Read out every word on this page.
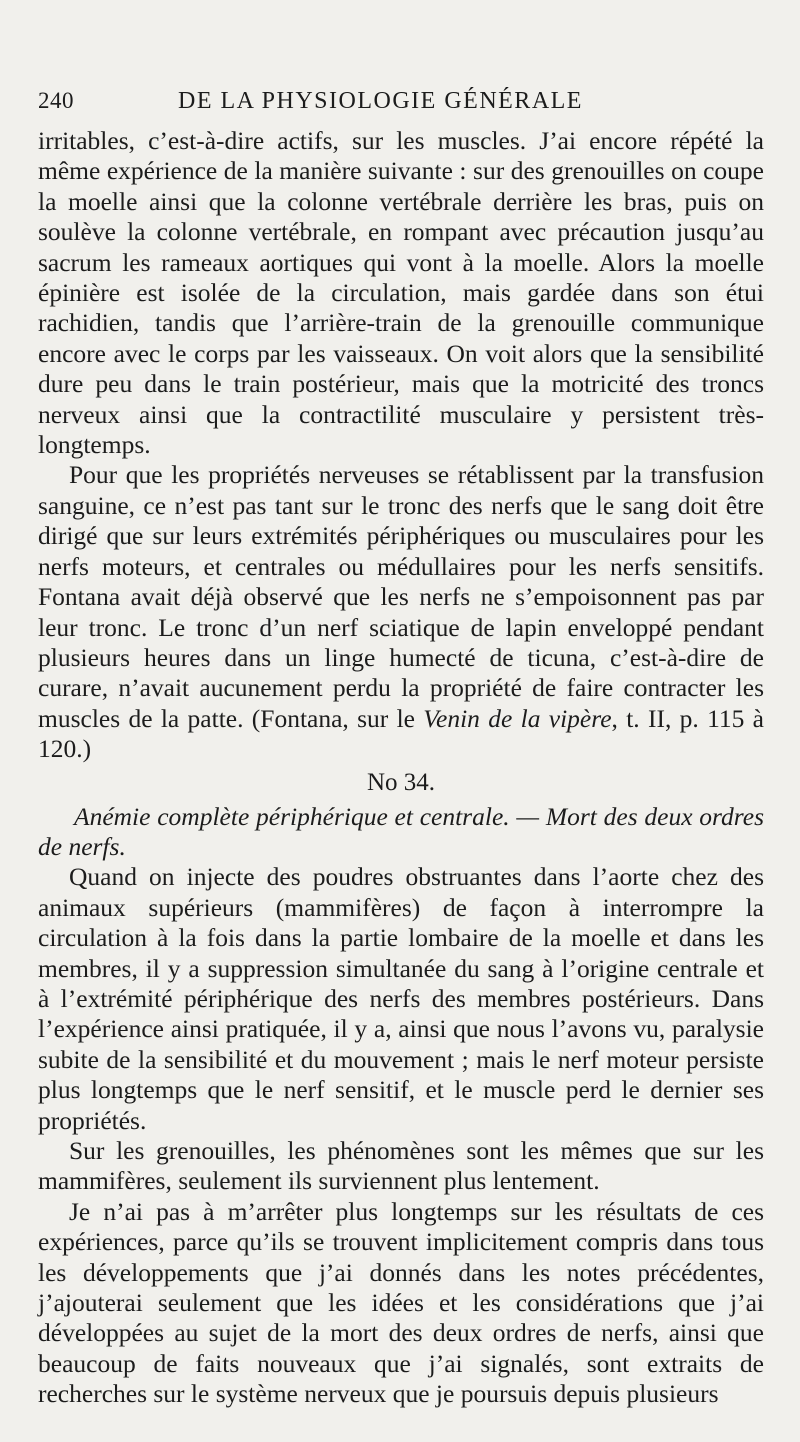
240	DE LA PHYSIOLOGIE GÉNÉRALE

irritables, c’est-à-dire actifs, sur les muscles. J’ai encore répété la même expérience de la manière suivante : sur des grenouilles on coupe la moelle ainsi que la colonne vertébrale derrière les bras, puis on soulève la colonne vertébrale, en rompant avec précaution jusqu’au sacrum les rameaux aortiques qui vont à la moelle. Alors la moelle épinière est isolée de la circulation, mais gardée dans son étui rachidien, tandis que l’arrière-train de la grenouille communique encore avec le corps par les vaisseaux. On voit alors que la sensibilité dure peu dans le train postérieur, mais que la motricité des troncs nerveux ainsi que la contractilité musculaire y persistent très-longtemps.

Pour que les propriétés nerveuses se rétablissent par la transfusion sanguine, ce n’est pas tant sur le tronc des nerfs que le sang doit être dirigé que sur leurs extrémités périphériques ou musculaires pour les nerfs moteurs, et centrales ou médullaires pour les nerfs sensitifs. Fontana avait déjà observé que les nerfs ne s’empoisonnent pas par leur tronc. Le tronc d’un nerf sciatique de lapin enveloppé pendant plusieurs heures dans un linge humecté de ticuna, c’est-à-dire de curare, n’avait aucunement perdu la propriété de faire contracter les muscles de la patte. (Fontana, sur le Venin de la vipère, t. II, p. 115 à 120.)

No 34.

Anémie complète périphérique et centrale. — Mort des deux ordres de nerfs.

Quand on injecte des poudres obstruantes dans l’aorte chez des animaux supérieurs (mammifères) de façon à interrompre la circulation à la fois dans la partie lombaire de la moelle et dans les membres, il y a suppression simultanée du sang à l’origine centrale et à l’extrémité périphérique des nerfs des membres postérieurs. Dans l’expérience ainsi pratiquée, il y a, ainsi que nous l’avons vu, paralysie subite de la sensibilité et du mouvement ; mais le nerf moteur persiste plus longtemps que le nerf sensitif, et le muscle perd le dernier ses propriétés.

Sur les grenouilles, les phénomènes sont les mêmes que sur les mammifères, seulement ils surviennent plus lentement.

Je n’ai pas à m’arrêter plus longtemps sur les résultats de ces expériences, parce qu’ils se trouvent implicitement compris dans tous les développements que j’ai donnés dans les notes précédentes, j’ajouterai seulement que les idées et les considérations que j’ai développées au sujet de la mort des deux ordres de nerfs, ainsi que beaucoup de faits nouveaux que j’ai signalés, sont extraits de recherches sur le système nerveux que je poursuis depuis plusieurs
